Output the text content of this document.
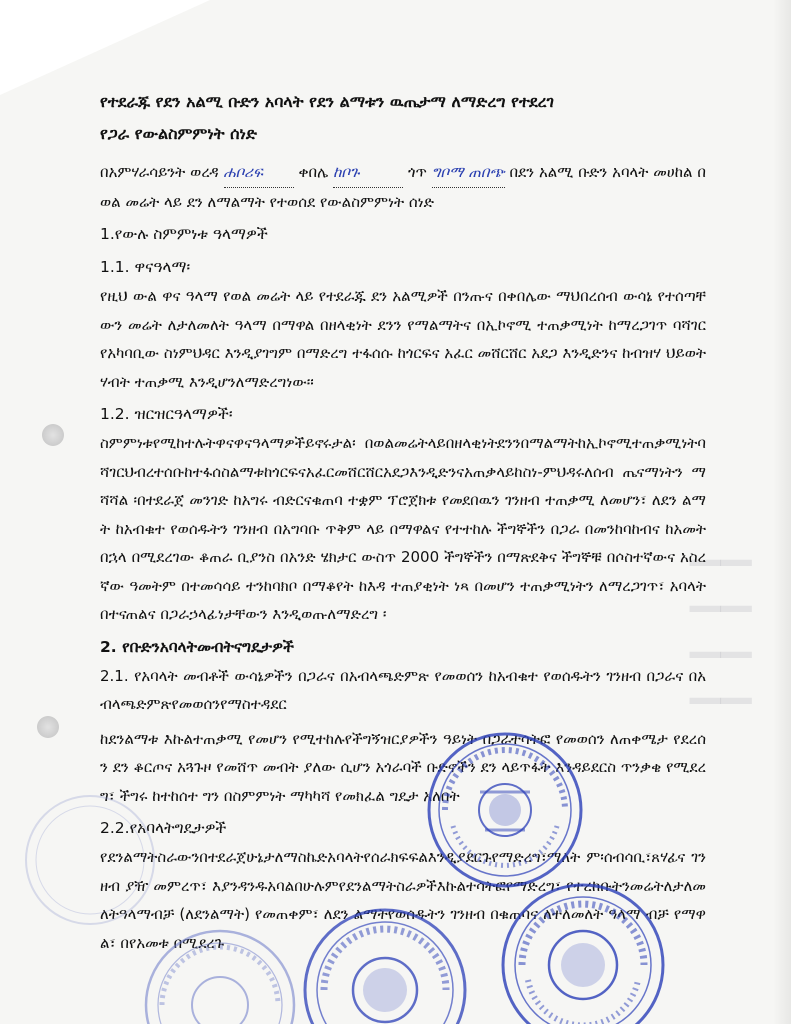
▁▁
▁▁
▁▁
▁▁
የተደራጁ የደን አልሚ ቡድን አባላት የደን ልማቱን ዉጤታማ ለማድረግ የተደረገ
የጋራ የውልስምምነት ሰነድ
በአምሃራሳይንት ወረዳ ሐቦሪፍ ቀበሌ ከቦጉ	ጎጥ ግቦማ ጠበጭ በደን አልሚ ቡድን አባላት መሀከል በወል መሬት ላይ ደን ለማልማት የተወሰደ የውልስምምነት ሰነድ
1.የውሉ ስምምነቱ ዓላማዎች
1.1. ዋናዓላማ፡
የዚህ ውል ዋና ዓላማ የወል መሬት ላይ የተደራጁ ደን አልሚዎች በንጡና በቀበሌው ማህበረሰብ ውሳኔ የተሰጣቸውን መሬት ለታለመለት ዓላማ በማዋል በዘላቂነት ደንን የማልማትና በኢኮኖሚ ተጠቃሚነት ከማረጋገጥ ባሻገር የአካባቢው ስነምህዳር እንዲያገግም በማድረግ ተፋሰሱ ከጎርፍና አፈር መሸርሸር አደጋ እንዲድንና ከብዝሃ ህይወት ሃብት ተጠቃሚ እንዲሆንለማድረግነው፡፡
1.2. ዝርዝርዓላማዎች፡
ስምምነቱየሚከተሉትዋናዋናዓላማዎችይኖሩታል፡ በወልመሬትላይበዘላቂነትደንንበማልማትከኢኮኖሚተጠቃሚነትባሻገርህብረተሰቡከተፋሰስልማቱከጎርፍናአፈርመሸርሸርአደጋእንዲድንናአጠቃላይከስነ-ምህዳሩለሰብ ጤናማነትን ማሻሻል ፡በተደራጀ መንገድ ከአግሩ ብድርናቁጠባ ተቋም ፕሮጀክቱ የመደበዉን ገንዘብ ተጠቃሚ ለመሆን፣ ለደን ልማት ከአብቁተ የወሰዱትን ገንዘብ በአግባቡ ጥቅም ላይ በማዋልና የተተከሉ ችግኞችን በጋራ በመንከባከብና ከአመት በኋላ በሚደረገው ቆጠራ ቢያንስ በአንድ ሄክታር ውስጥ 2000 ችግኞችን በማጽደቅና ችግኞቹ በሶስተኛውና አስረኛው ዓመትም በተመሳሳይ ተንከባክቦ በማቆየት ከእዳ ተጠያቂነት ነጻ በመሆን ተጠቃሚነትን ለማረጋገጥ፣ አባላትበተናጠልና በጋራኃላፊነታቸውን እንዲወጡለማድረግ ፡
2. የቡድንአባላትመብትናግዴታዎች
2.1. የአባላት መብቶች ውሳኔዎችን በጋራና በአብላጫድምጽ የመወሰን ከአብቁተ የወሰዱትን ገንዘብ በጋራና በአብላጫድምጽየመወሰንየማስተዳደር
ከደንልማቱ እኩልተጠቃሚ የመሆን የሚተከሉየችግኝዝርያዎችን ዓይነት በጋራተሳትፎ የመወሰን ለጠቀሜታ የደረሰን ደን ቆርጦና አጓጉዞ የመሸጥ መብት ያለው ሲሆን አጎራባች ቡድኖችን ደን ላይጥፋት እንዳይደርስ ጥንቃቄ የሚደረግ፣ ችግሩ ከተከሰተ ግን በስምምነት ማካካሻ የመክፈል ግዴታ አለበት
2.2.የአባላትግዴታዎች
የደንልማትስራውንበተደራጀሁኔታለማስኬድአባላትየሰራክፍፍልእንዲያደርጉየማድረግ፣ማለት ም፡ሰብሳቢ፣ጸሃፊና ገንዘብ ያዥ መምረጥ፣ እያንዳንዱአባልበሁሉምየደንልማትስራዎችእኩልተሳትፎየማድረግ፣ የተረከቡትንመሬትለታለመለትዓላማብቻ (ለደንልማት) የመጠቀም፣ ለደን ልማትየወሰዱትን ገንዘብ በቁጠባና ለተለመለት ዓላማ ብቻ የማዋል፣ በየአመቱ በሚደረጉ
